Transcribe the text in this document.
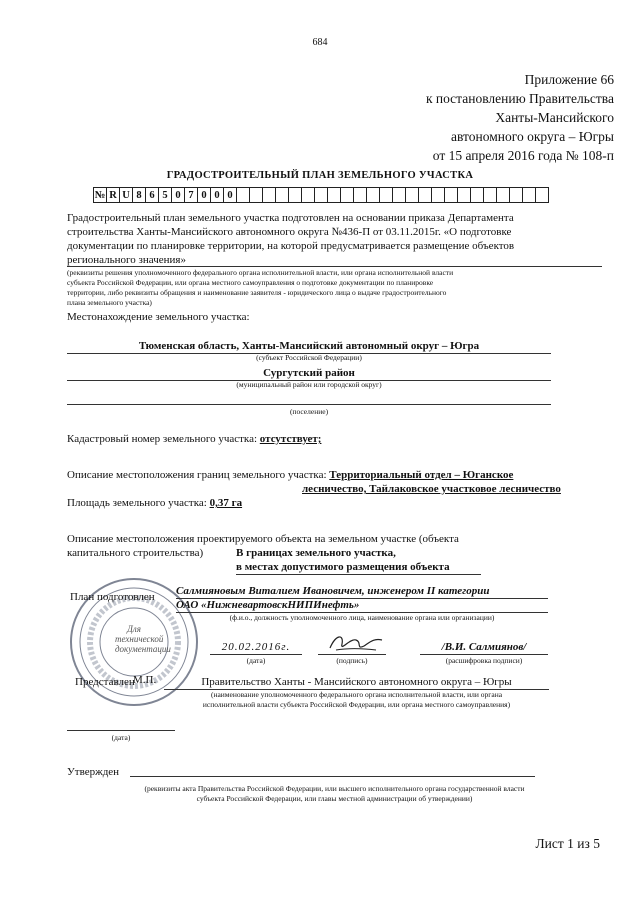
684
Приложение 66
к постановлению Правительства
Ханты-Мансийского
автономного округа – Югры
от 15 апреля 2016 года № 108-п
ГРАДОСТРОИТЕЛЬНЫЙ ПЛАН ЗЕМЕЛЬНОГО УЧАСТКА
№	R	U	8	6	5	0	7	0	0	0																								
Градостроительный план земельного участка подготовлен на основании приказа Департамента
строительства Ханты-Мансийского автономного округа №436-П от 03.11.2015г. «О подготовке
документации по планировке территории, на которой предусматривается размещение объектов
регионального значения»
(реквизиты решения уполномоченного федерального органа исполнительной власти, или органа исполнительной власти
субъекта Российской Федерации, или органа местного самоуправления о подготовке документации по планировке
территории, либо реквизиты обращения и наименование заявителя - юридического лица о выдаче градостроительного
плана земельного участка)
Местонахождение земельного участка:
Тюменская область, Ханты-Мансийский автономный округ – Югра
(субъект Российской Федерации)
Сургутский район
(муниципальный район или городской округ)
(поселение)
Кадастровый номер земельного участка: отсутствует;
Описание местоположения границ земельного участка: Территориальный отдел – Юганское
лесничество, Тайлаковское участковое лесничество
Площадь земельного участка: 0,37 га
Описание местоположения проектируемого объекта на земельном участке (объекта
капитального строительства)	В границах земельного участка,
в местах допустимого размещения объекта
Для технической документации
План подготовлен Салмияновым Виталием Ивановичем, инженером II категории
ОАО «НижневартовскНИПИнефть»
(ф.и.о., должность уполномоченного лица, наименование органа или организации)
20.02.2016г.
(дата)	(подпись)
/В.И. Салмиянов/
(расшифровка подписи)
М.П.
Представлен	Правительство Ханты - Мансийского автономного округа – Югры
(наименование уполномоченного федерального органа исполнительной власти, или органа
исполнительной власти субъекта Российской Федерации, или органа местного самоуправления)
(дата)
Утвержден
(реквизиты акта Правительства Российской Федерации, или высшего исполнительного органа государственной власти
субъекта Российской Федерации, или главы местной администрации об утверждении)
Лист 1 из 5
